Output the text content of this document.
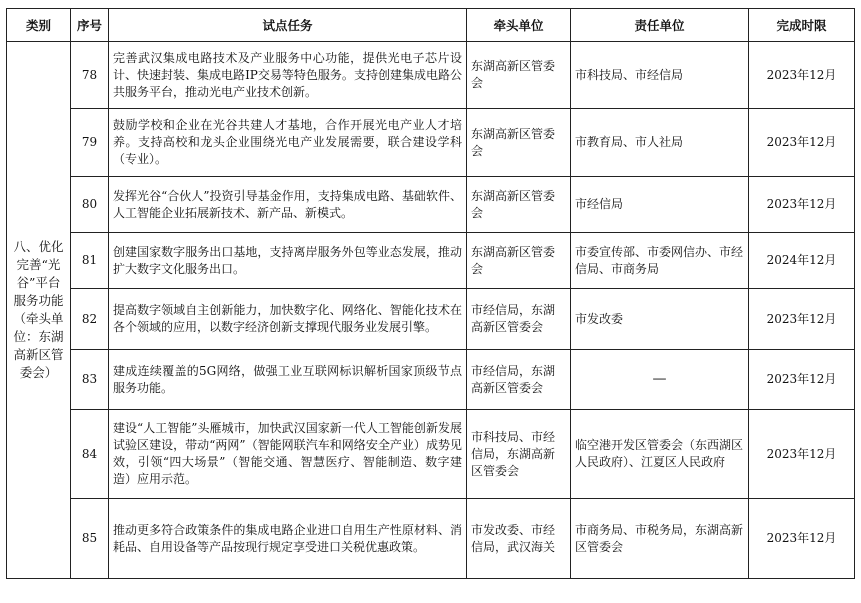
类别	序号	试点任务	牵头单位	责任单位	完成时限
八、优化完善“光谷”平台服务功能（牵头单位：东湖高新区管委会）	78	完善武汉集成电路技术及产业服务中心功能，提供光电子芯片设计、快速封装、集成电路IP交易等特色服务。支持创建集成电路公共服务平台，推动光电产业技术创新。	东湖高新区管委会	市科技局、市经信局	2023年12月
	79	鼓励学校和企业在光谷共建人才基地，合作开展光电产业人才培养。支持高校和龙头企业围绕光电产业发展需要，联合建设学科（专业）。	东湖高新区管委会	市教育局、市人社局	2023年12月
	80	发挥光谷“合伙人”投资引导基金作用，支持集成电路、基础软件、人工智能企业拓展新技术、新产品、新模式。	东湖高新区管委会	市经信局	2023年12月
	81	创建国家数字服务出口基地，支持离岸服务外包等业态发展，推动扩大数字文化服务出口。	东湖高新区管委会	市委宣传部、市委网信办、市经信局、市商务局	2024年12月
	82	提高数字领域自主创新能力，加快数字化、网络化、智能化技术在各个领域的应用，以数字经济创新支撑现代服务业发展引擎。	市经信局，东湖高新区管委会	市发改委	2023年12月
	83	建成连续覆盖的5G网络，做强工业互联网标识解析国家顶级节点服务功能。	市经信局，东湖高新区管委会	—	2023年12月
	84	建设“人工智能”头雁城市，加快武汉国家新一代人工智能创新发展试验区建设，带动“两网”（智能网联汽车和网络安全产业）成势见效，引领“四大场景”（智能交通、智慧医疗、智能制造、数字建造）应用示范。	市科技局、市经信局，东湖高新区管委会	临空港开发区管委会（东西湖区人民政府）、江夏区人民政府	2023年12月
	85	推动更多符合政策条件的集成电路企业进口自用生产性原材料、消耗品、自用设备等产品按现行规定享受进口关税优惠政策。	市发改委、市经信局，武汉海关	市商务局、市税务局，东湖高新区管委会	2023年12月
